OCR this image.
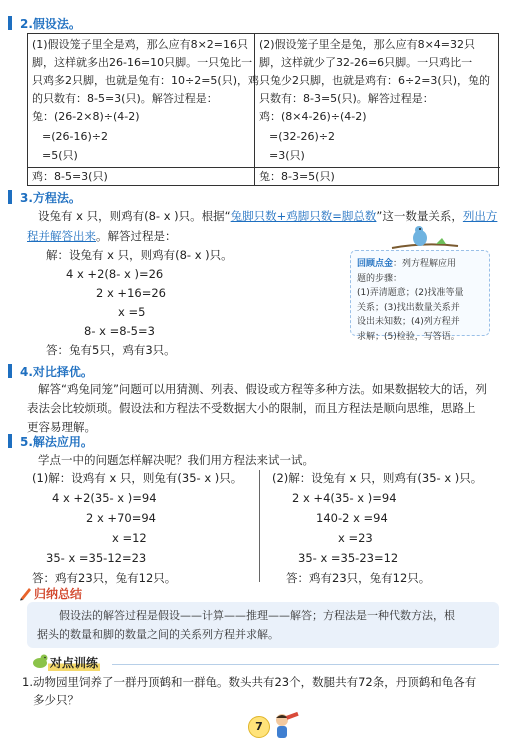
2.假设法。
(1)假设笼子里全是鸡，那么应有8×2=16只
脚，这样就多出26-16=10只脚。一只兔比一
只鸡多2只脚，也就是兔有：10÷2=5(只)，鸡
的只数有：8-5=3(只)。解答过程是：
兔：(26-2×8)÷(4-2)
=(26-16)÷2
=5(只)
鸡：8-5=3(只)
(2)假设笼子里全是兔，那么应有8×4=32只
脚，这样就少了32-26=6只脚。一只鸡比一
只兔少2只脚，也就是鸡有：6÷2=3(只)，兔的
只数有：8-3=5(只)。解答过程是：
鸡：(8×4-26)÷(4-2)
=(32-26)÷2
=3(只)
兔：8-3=5(只)
3.方程法。
设兔有 x 只，则鸡有(8- x )只。根据“兔脚只数+鸡脚只数=脚总数”这一数量关系，列出方
程并解答出来。解答过程是：
解：设兔有 x 只，则鸡有(8- x )只。
4 x +2(8- x )=26
2 x +16=26
x =5
8- x =8-5=3
答：兔有5只，鸡有3只。
回顾点金：列方程解应用
题的步骤：
(1)弄清题意；(2)找准等量
关系；(3)找出数量关系并
设出未知数；(4)列方程并
求解；(5)检验，写答语。
4.对比择优。
解答“鸡兔同笼”问题可以用猜测、列表、假设或方程等多种方法。如果数据较大的话，列
表法会比较烦琐。假设法和方程法不受数据大小的限制，而且方程法是顺向思维，思路上
更容易理解。
5.解法应用。
学点一中的问题怎样解决呢？我们用方程法来试一试。
(1)解：设鸡有 x 只，则兔有(35- x )只。
4 x +2(35- x )=94
2 x +70=94
x =12
35- x =35-12=23
答：鸡有23只，兔有12只。
(2)解：设兔有 x 只，则鸡有(35- x )只。
2 x +4(35- x )=94
140-2 x =94
x =23
35- x =35-23=12
答：鸡有23只，兔有12只。
归纳总结
假设法的解答过程是假设——计算——推理——解答；方程法是一种代数方法，根
据头的数量和脚的数量之间的关系列方程并求解。
对点训练
1.动物园里饲养了一群丹顶鹤和一群龟。数头共有23个，数腿共有72条，丹顶鹤和龟各有
多少只？
7
